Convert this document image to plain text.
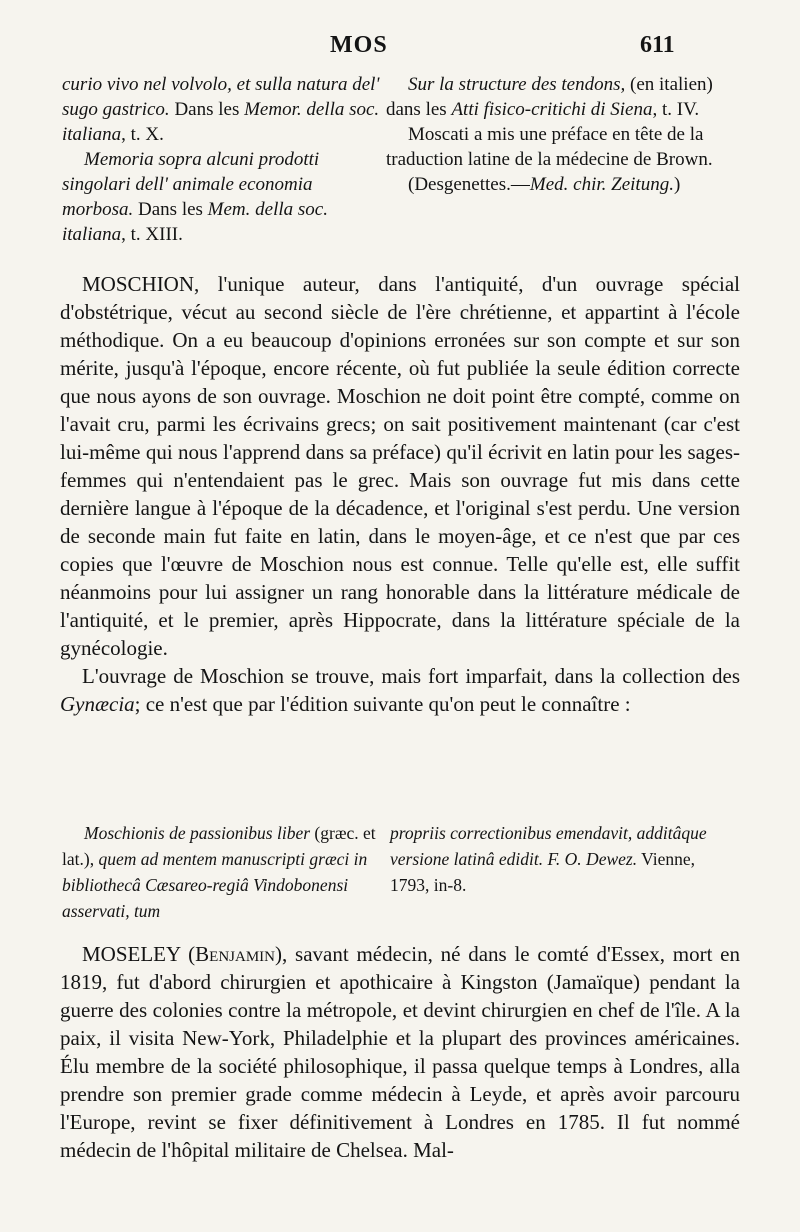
MOS	611

curio vivo nel volvolo, et sulla natura del' sugo gastrico. Dans les Memor. della soc. italiana, t. X.

Memoria sopra alcuni prodotti singolari dell' animale economia morbosa. Dans les Mem. della soc. italiana, t. XIII.

Sur la structure des tendons, (en italien) dans les Atti fisico-critichi di Siena, t. IV.

Moscati a mis une préface en tête de la traduction latine de la médecine de Brown.

(Desgenettes.—Med. chir. Zeitung.)

MOSCHION, l'unique auteur, dans l'antiquité, d'un ouvrage spécial d'obstétrique, vécut au second siècle de l'ère chrétienne, et appartint à l'école méthodique. On a eu beaucoup d'opinions erronées sur son compte et sur son mérite, jusqu'à l'époque, encore récente, où fut publiée la seule édition correcte que nous ayons de son ouvrage. Moschion ne doit point être compté, comme on l'avait cru, parmi les écrivains grecs; on sait positivement maintenant (car c'est lui-même qui nous l'apprend dans sa préface) qu'il écrivit en latin pour les sages-femmes qui n'entendaient pas le grec. Mais son ouvrage fut mis dans cette dernière langue à l'époque de la décadence, et l'original s'est perdu. Une version de seconde main fut faite en latin, dans le moyen-âge, et ce n'est que par ces copies que l'œuvre de Moschion nous est connue. Telle qu'elle est, elle suffit néanmoins pour lui assigner un rang honorable dans la littérature médicale de l'antiquité, et le premier, après Hippocrate, dans la littérature spéciale de la gynécologie.

L'ouvrage de Moschion se trouve, mais fort imparfait, dans la collection des Gynæcia; ce n'est que par l'édition suivante qu'on peut le connaître :

Moschionis de passionibus liber (græc. et lat.), quem ad mentem manuscripti græci in bibliothecâ Cæsareo-regiâ Vindobonensi asservati, tum

propriis correctionibus emendavit, additâque versione latinâ edidit. F. O. Dewez. Vienne, 1793, in-8.

MOSELEY (Benjamin), savant médecin, né dans le comté d'Essex, mort en 1819, fut d'abord chirurgien et apothicaire à Kingston (Jamaïque) pendant la guerre des colonies contre la métropole, et devint chirurgien en chef de l'île. A la paix, il visita New-York, Philadelphie et la plupart des provinces américaines. Élu membre de la société philosophique, il passa quelque temps à Londres, alla prendre son premier grade comme médecin à Leyde, et après avoir parcouru l'Europe, revint se fixer définitivement à Londres en 1785. Il fut nommé médecin de l'hôpital militaire de Chelsea. Mal-
